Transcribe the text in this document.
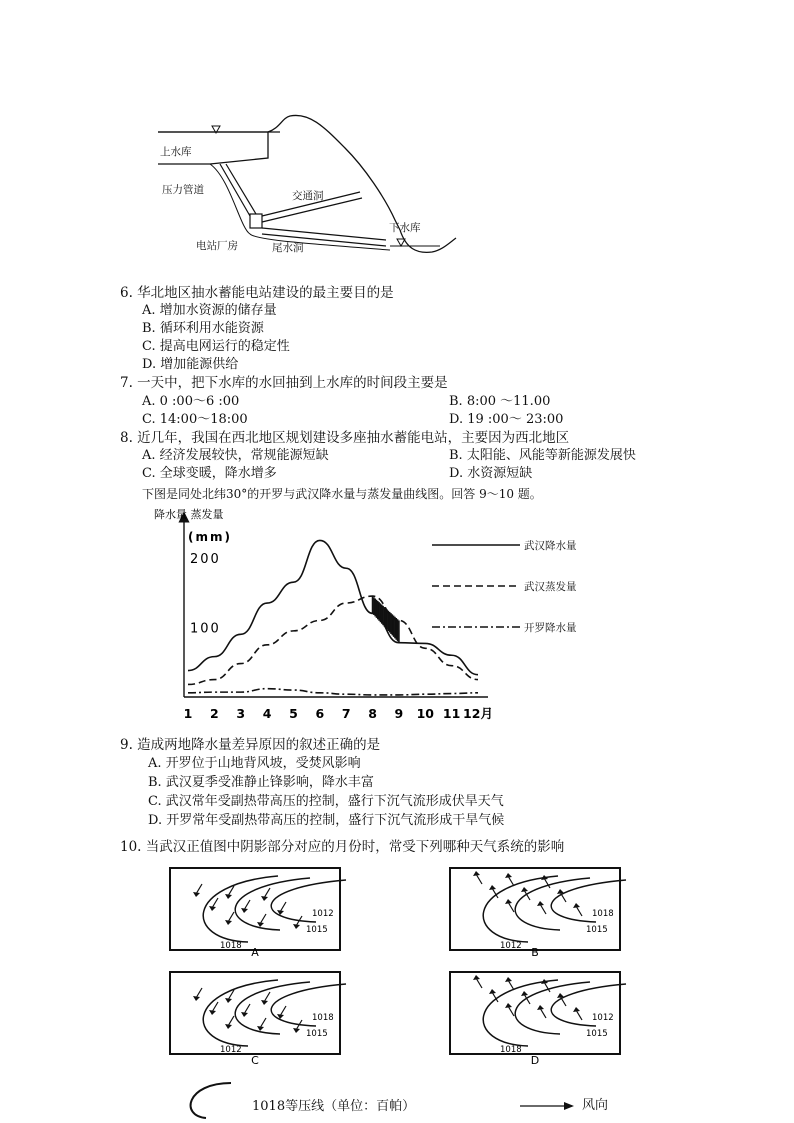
上水库
压力管道	交通洞
下水库
电站厂房	尾水洞
6. 华北地区抽水蓄能电站建设的最主要目的是
A. 增加水资源的储存量
B. 循环利用水能资源
C. 提高电网运行的稳定性
D. 增加能源供给
7. 一天中，把下水库的水回抽到上水库的时间段主要是
A. 0 :00～6 :00	B. 8:00 ～11.00
C. 14:00～18:00	D. 19 :00～ 23:00
8. 近几年，我国在西北地区规划建设多座抽水蓄能电站，主要因为西北地区
A. 经济发展较快，常规能源短缺	B. 太阳能、风能等新能源发展快
C. 全球变暖，降水增多	D. 水资源短缺
下图是同处北纬30°的开罗与武汉降水量与蒸发量曲线图。回答 9～10 题。
降水量 蒸发量
(mm)
100
200
1 2 3 4 5 6 7 8 9 10 11 12月
9. 造成两地降水量差异原因的叙述正确的是
A. 开罗位于山地背风坡，受焚风影响
B. 武汉夏季受准静止锋影响，降水丰富
C. 武汉常年受副热带高压的控制，盛行下沉气流形成伏旱天气
D. 开罗常年受副热带高压的控制，盛行下沉气流形成干旱气候
10. 当武汉正值图中阴影部分对应的月份时，常受下列哪种天气系统的影响
1018
1015
1012
A	1012
1015
1018
B
1012
1015
1018
C
1018
1015
1012
D
1018等压线（单位：百帕）	风向
武汉降水量
武汉蒸发量
开罗降水量
